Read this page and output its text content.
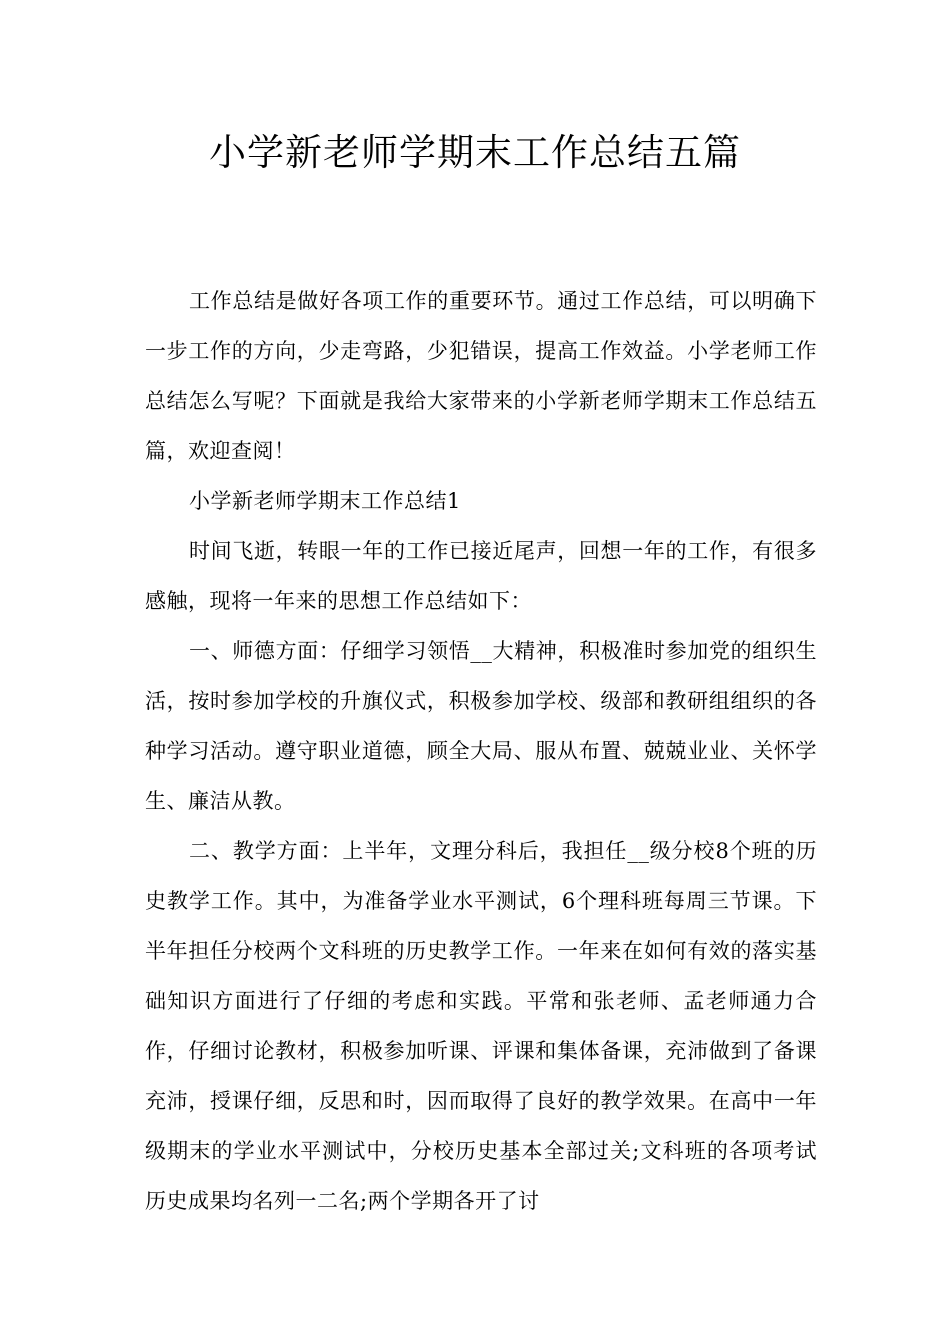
小学新老师学期末工作总结五篇

工作总结是做好各项工作的重要环节。通过工作总结，可以明确下一步工作的方向，少走弯路，少犯错误，提高工作效益。小学老师工作总结怎么写呢？下面就是我给大家带来的小学新老师学期末工作总结五篇，欢迎查阅！

小学新老师学期末工作总结1

时间飞逝，转眼一年的工作已接近尾声，回想一年的工作，有很多感触，现将一年来的思想工作总结如下：

一、师德方面：仔细学习领悟__大精神，积极准时参加党的组织生活，按时参加学校的升旗仪式，积极参加学校、级部和教研组组织的各种学习活动。遵守职业道德，顾全大局、服从布置、兢兢业业、关怀学生、廉洁从教。

二、教学方面：上半年，文理分科后，我担任__级分校8个班的历史教学工作。其中，为准备学业水平测试，6个理科班每周三节课。下半年担任分校两个文科班的历史教学工作。一年来在如何有效的落实基础知识方面进行了仔细的考虑和实践。平常和张老师、孟老师通力合作，仔细讨论教材，积极参加听课、评课和集体备课，充沛做到了备课充沛，授课仔细，反思和时，因而取得了良好的教学效果。在高中一年级期末的学业水平测试中，分校历史基本全部过关;文科班的各项考试历史成果均名列一二名;两个学期各开了讨
